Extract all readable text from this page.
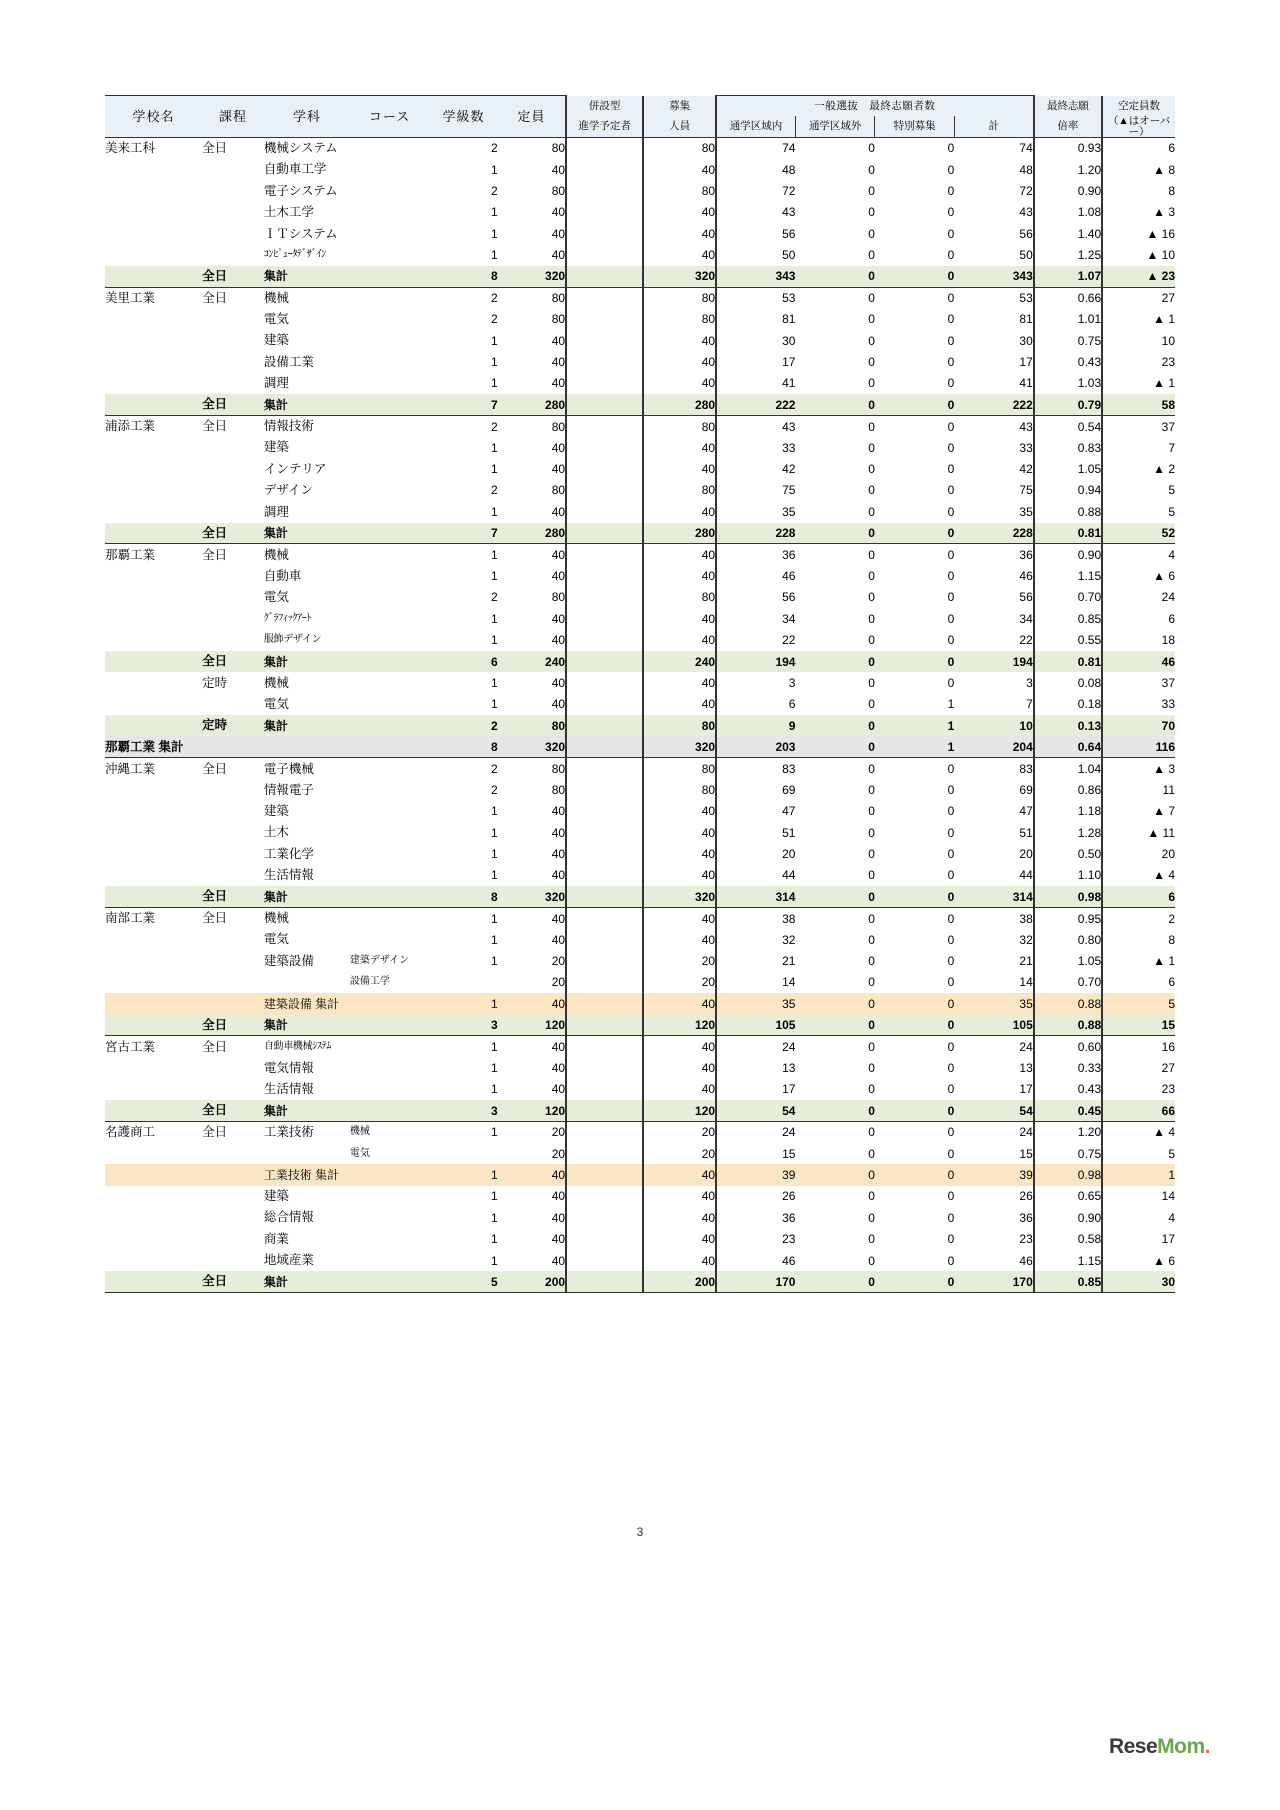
学校名	課程	学科	コース	学級数	定員	併設型	募集	一般選抜　最終志願者数				最終志願	空定員数
						進学予定者	人員	通学区域内	通学区域外	特別募集	計	倍率	（▲はオーバー）
美来工科	全日	機械システム		2	80		80	74	0	0	74	0.93	6
		自動車工学		1	40		40	48	0	0	48	1.20	▲ 8
		電子システム		2	80		80	72	0	0	72	0.90	8
		土木工学		1	40		40	43	0	0	43	1.08	▲ 3
		ＩＴシステム		1	40		40	56	0	0	56	1.40	▲ 16
		ｺﾝﾋﾟｭｰﾀﾃﾞｻﾞｲﾝ		1	40		40	50	0	0	50	1.25	▲ 10
	全日	集計		8	320		320	343	0	0	343	1.07	▲ 23
美里工業	全日	機械		2	80		80	53	0	0	53	0.66	27
		電気		2	80		80	81	0	0	81	1.01	▲ 1
		建築		1	40		40	30	0	0	30	0.75	10
		設備工業		1	40		40	17	0	0	17	0.43	23
		調理		1	40		40	41	0	0	41	1.03	▲ 1
	全日	集計		7	280		280	222	0	0	222	0.79	58
浦添工業	全日	情報技術		2	80		80	43	0	0	43	0.54	37
		建築		1	40		40	33	0	0	33	0.83	7
		インテリア		1	40		40	42	0	0	42	1.05	▲ 2
		デザイン		2	80		80	75	0	0	75	0.94	5
		調理		1	40		40	35	0	0	35	0.88	5
	全日	集計		7	280		280	228	0	0	228	0.81	52
那覇工業	全日	機械		1	40		40	36	0	0	36	0.90	4
		自動車		1	40		40	46	0	0	46	1.15	▲ 6
		電気		2	80		80	56	0	0	56	0.70	24
		ｸﾞﾗﾌｨｯｸｱｰﾄ		1	40		40	34	0	0	34	0.85	6
		服飾デザイン		1	40		40	22	0	0	22	0.55	18
	全日	集計		6	240		240	194	0	0	194	0.81	46
	定時	機械		1	40		40	3	0	0	3	0.08	37
		電気		1	40		40	6	0	1	7	0.18	33
	定時	集計		2	80		80	9	0	1	10	0.13	70
那覇工業 集計				8	320		320	203	0	1	204	0.64	116
沖縄工業	全日	電子機械		2	80		80	83	0	0	83	1.04	▲ 3
		情報電子		2	80		80	69	0	0	69	0.86	11
		建築		1	40		40	47	0	0	47	1.18	▲ 7
		土木		1	40		40	51	0	0	51	1.28	▲ 11
		工業化学		1	40		40	20	0	0	20	0.50	20
		生活情報		1	40		40	44	0	0	44	1.10	▲ 4
	全日	集計		8	320		320	314	0	0	314	0.98	6
南部工業	全日	機械		1	40		40	38	0	0	38	0.95	2
		電気		1	40		40	32	0	0	32	0.80	8
		建築設備	建築デザイン	1	20		20	21	0	0	21	1.05	▲ 1
			設備工学		20		20	14	0	0	14	0.70	6
		建築設備 集計		1	40		40	35	0	0	35	0.88	5
	全日	集計		3	120		120	105	0	0	105	0.88	15
宮古工業	全日	自動車機械ｼｽﾃﾑ		1	40		40	24	0	0	24	0.60	16
		電気情報		1	40		40	13	0	0	13	0.33	27
		生活情報		1	40		40	17	0	0	17	0.43	23
	全日	集計		3	120		120	54	0	0	54	0.45	66
名護商工	全日	工業技術	機械	1	20		20	24	0	0	24	1.20	▲ 4
			電気		20		20	15	0	0	15	0.75	5
		工業技術 集計		1	40		40	39	0	0	39	0.98	1
		建築		1	40		40	26	0	0	26	0.65	14
		総合情報		1	40		40	36	0	0	36	0.90	4
		商業		1	40		40	23	0	0	23	0.58	17
		地域産業		1	40		40	46	0	0	46	1.15	▲ 6
	全日	集計		5	200		200	170	0	0	170	0.85	30
3
ReseMom.
